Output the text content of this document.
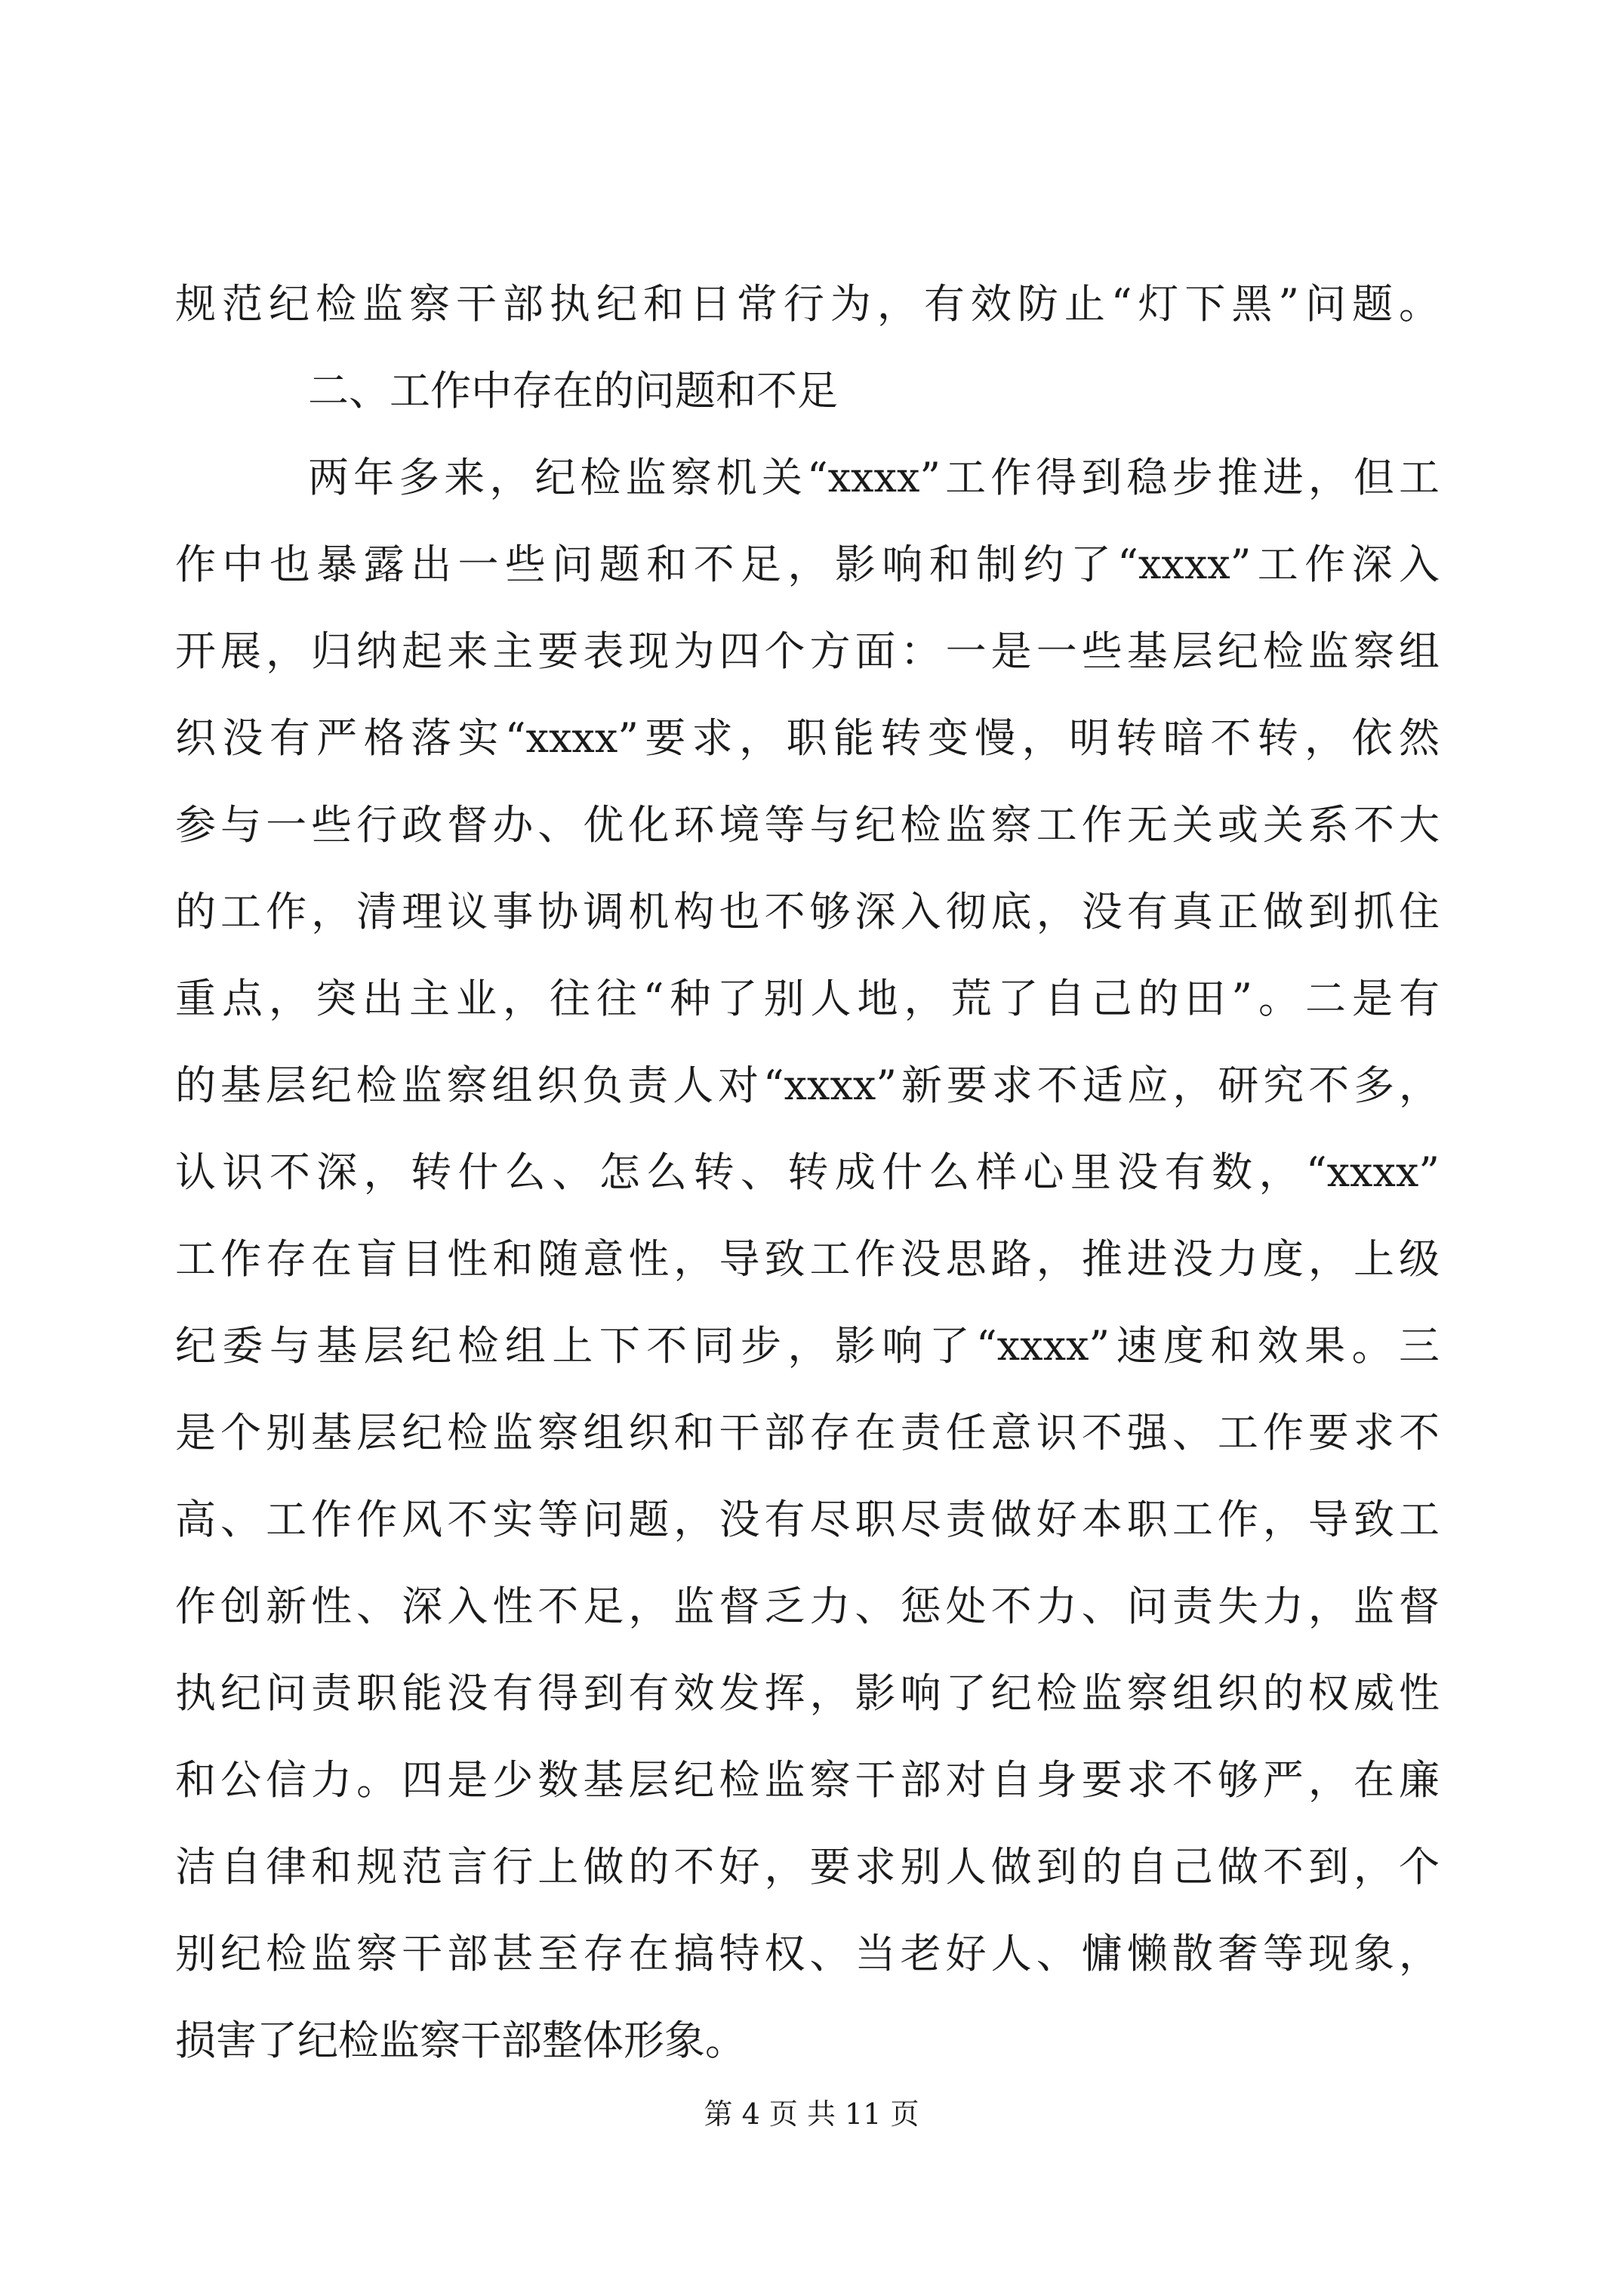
规范纪检监察干部执纪和日常行为，有效防止“灯下黑”问题。
二、工作中存在的问题和不足
两年多来，纪检监察机关“xxxx”工作得到稳步推进，但工
作中也暴露出一些问题和不足，影响和制约了“xxxx”工作深入
开展，归纳起来主要表现为四个方面：一是一些基层纪检监察组
织没有严格落实“xxxx”要求，职能转变慢，明转暗不转，依然
参与一些行政督办、优化环境等与纪检监察工作无关或关系不大
的工作，清理议事协调机构也不够深入彻底，没有真正做到抓住
重点，突出主业，往往“种了别人地，荒了自己的田”。二是有
的基层纪检监察组织负责人对“xxxx”新要求不适应，研究不多，
认识不深，转什么、怎么转、转成什么样心里没有数，“xxxx”
工作存在盲目性和随意性，导致工作没思路，推进没力度，上级
纪委与基层纪检组上下不同步，影响了“xxxx”速度和效果。三
是个别基层纪检监察组织和干部存在责任意识不强、工作要求不
高、工作作风不实等问题，没有尽职尽责做好本职工作，导致工
作创新性、深入性不足，监督乏力、惩处不力、问责失力，监督
执纪问责职能没有得到有效发挥，影响了纪检监察组织的权威性
和公信力。四是少数基层纪检监察干部对自身要求不够严，在廉
洁自律和规范言行上做的不好，要求别人做到的自己做不到，个
别纪检监察干部甚至存在搞特权、当老好人、慵懒散奢等现象，
损害了纪检监察干部整体形象。
第 4 页 共 11 页
